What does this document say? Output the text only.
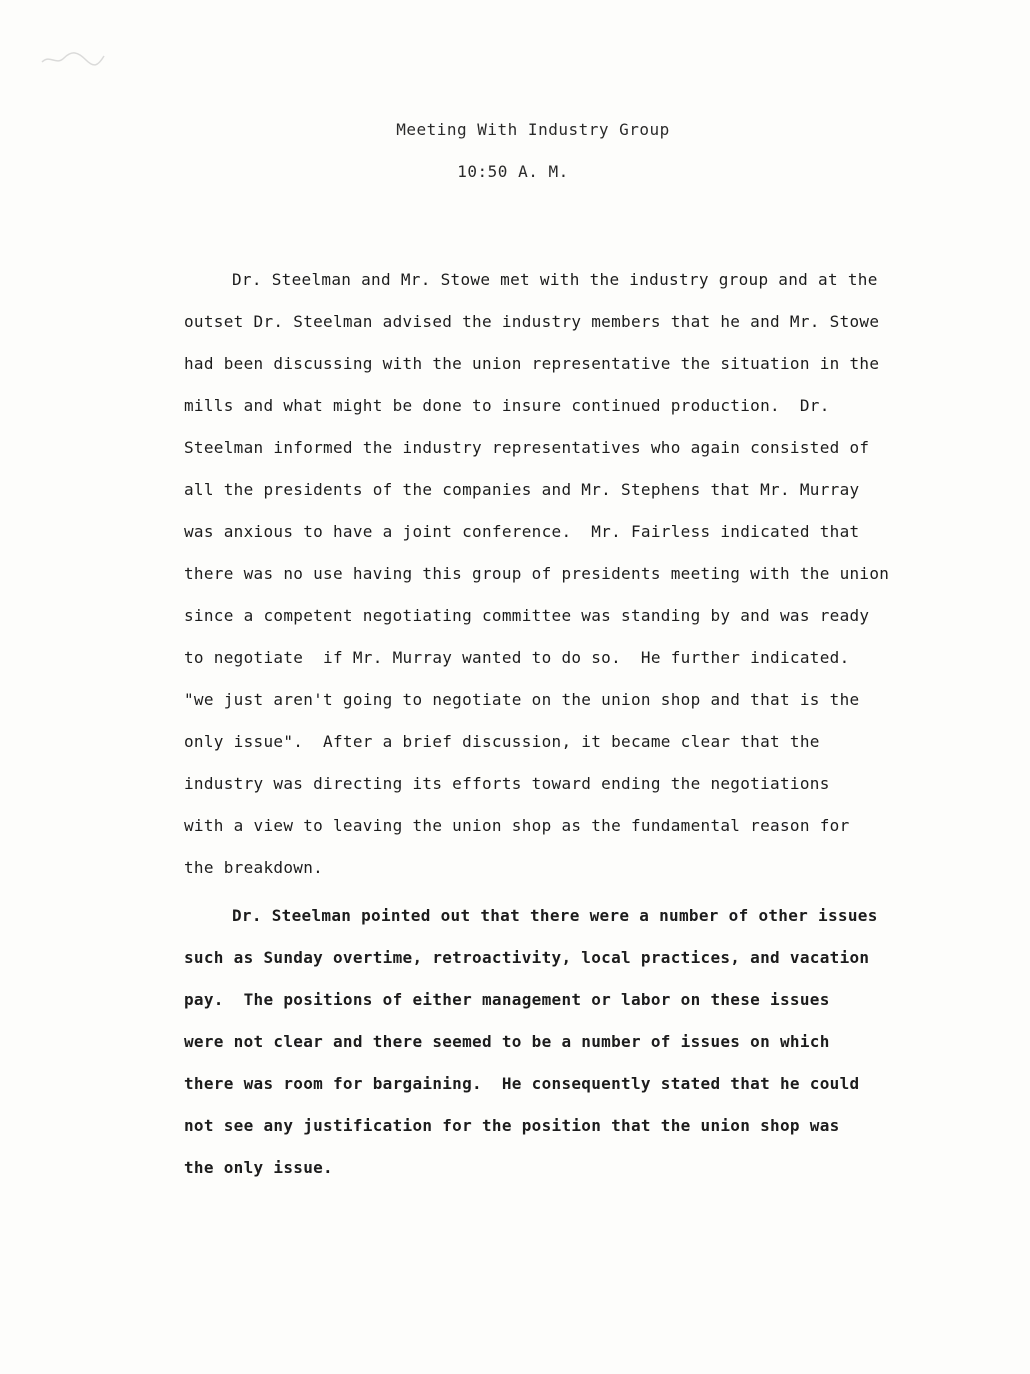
Meeting With Industry Group
10:50 A. M.
Dr. Steelman and Mr. Stowe met with the industry group and at the
outset Dr. Steelman advised the industry members that he and Mr. Stowe
had been discussing with the union representative the situation in the
mills and what might be done to insure continued production.  Dr.
Steelman informed the industry representatives who again consisted of
all the presidents of the companies and Mr. Stephens that Mr. Murray
was anxious to have a joint conference.  Mr. Fairless indicated that
there was no use having this group of presidents meeting with the union
since a competent negotiating committee was standing by and was ready
to negotiate  if Mr. Murray wanted to do so.  He further indicated.
"we just aren't going to negotiate on the union shop and that is the
only issue".  After a brief discussion, it became clear that the
industry was directing its efforts toward ending the negotiations
with a view to leaving the union shop as the fundamental reason for
the breakdown.
Dr. Steelman pointed out that there were a number of other issues
such as Sunday overtime, retroactivity, local practices, and vacation
pay.  The positions of either management or labor on these issues
were not clear and there seemed to be a number of issues on which
there was room for bargaining.  He consequently stated that he could
not see any justification for the position that the union shop was
the only issue.
